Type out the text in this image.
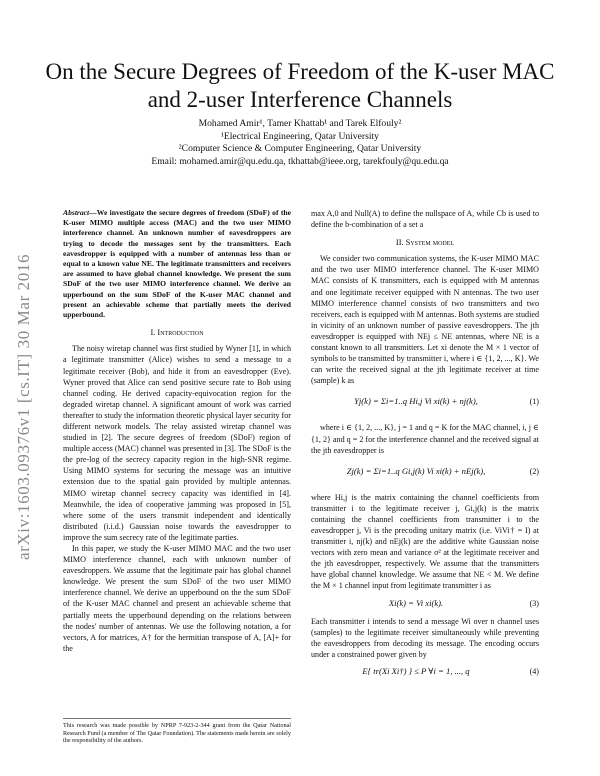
arXiv:1603.09376v1 [cs.IT] 30 Mar 2016
On the Secure Degrees of Freedom of the K-user MAC and 2-user Interference Channels
Mohamed Amir¹, Tamer Khattab¹ and Tarek Elfouly²
¹Electrical Engineering, Qatar University
²Computer Science & Computer Engineering, Qatar University
Email: mohamed.amir@qu.edu.qa, tkhattab@ieee.org, tarekfouly@qu.edu.qa
Abstract—We investigate the secure degrees of freedom (SDoF) of the K-user MIMO multiple access (MAC) and the two user MIMO interference channel. An unknown number of eavesdroppers are trying to decode the messages sent by the transmitters. Each eavesdropper is equipped with a number of antennas less than or equal to a known value NE. The legitimate transmitters and receivers are assumed to have global channel knowledge. We present the sum SDoF of the two user MIMO interference channel. We derive an upperbound on the sum SDoF of the K-user MAC channel and present an achievable scheme that partially meets the derived upperbound.
I. Introduction

The noisy wiretap channel was first studied by Wyner [1], in which a legitimate transmitter (Alice) wishes to send a message to a legitimate receiver (Bob), and hide it from an eavesdropper (Eve). Wyner proved that Alice can send positive secure rate to Bob using channel coding. He derived capacity-equivocation region for the degraded wiretap channel. A significant amount of work was carried thereafter to study the information theoretic physical layer security for different network models. The relay assisted wiretap channel was studied in [2]. The secure degrees of freedom (SDoF) region of multiple access (MAC) channel was presented in [3]. The SDoF is the the pre-log of the secrecy capacity region in the high-SNR regime. Using MIMO systems for securing the message was an intuitive extension due to the spatial gain provided by multiple antennas. MIMO wiretap channel secrecy capacity was identified in [4]. Meanwhile, the idea of cooperative jamming was proposed in [5], where some of the users transmit independent and identically distributed (i.i.d.) Gaussian noise towards the eavesdropper to improve the sum secrecy rate of the legitimate parties.

In this paper, we study the K-user MIMO MAC and the two user MIMO interference channel, each with unknown number of eavesdroppers. We assume that the legitimate pair has global channel knowledge. We present the sum SDoF of the two user MIMO interference channel. We derive an upperbound on the the sum SDoF of the K-user MAC channel and present an achievable scheme that partially meets the upperbound depending on the relations between the nodes' number of antennas. We use the following notation, a for vectors, A for matrices, A† for the hermitian transpose of A, [A]+ for the

This research was made possible by NPRP 7-923-2-344 grant from the Qatar National Research Fund (a member of The Qatar Foundation). The statements made herein are solely the responsibility of the authors.

max A,0 and Null(A) to define the nullspace of A, while Cb is used to define the b-combination of a set a

II. System model

We consider two communication systems, the K-user MIMO MAC and the two user MIMO interference channel. The K-user MIMO MAC consists of K transmitters, each is equipped with M antennas and one legitimate receiver equipped with N antennas. The two user MIMO interference channel consists of two transmitters and two receivers, each is equipped with M antennas. Both systems are studied in vicinity of an unknown number of passive eavesdroppers. The jth eavesdropper is equipped with NEj ≤ NE antennas, where NE is a constant known to all transmitters. Let xi denote the M × 1 vector of symbols to be transmitted by transmitter i, where i ∈ {1, 2, ..., K}. We can write the received signal at the jth legitimate receiver at time (sample) k as

Yj(k) = Σi=1..q Hi,j Vi xi(k) + nj(k),	(1)

where i ∈ {1, 2, ..., K}, j = 1 and q = K for the MAC channel, i, j ∈ {1, 2} and q = 2 for the interference channel and the received signal at the jth eavesdropper is

Zj(k) = Σi=1..q Gi,j(k) Vi xi(k) + nEj(k),	(2)

where Hi,j is the matrix containing the channel coefficients from transmitter i to the legitimate receiver j, Gi,j(k) is the matrix containing the channel coefficients from transmitter i to the eavesdropper j, Vi is the precoding unitary matrix (i.e. ViVi† = I) at transmitter i, nj(k) and nEj(k) are the additive white Gaussian noise vectors with zero mean and variance σ² at the legitimate receiver and the jth eavesdropper, respectively. We assume that the transmitters have global channel knowledge. We assume that NE < M. We define the M × 1 channel input from legitimate transmitter i as

Xi(k) = Vi xi(k).	(3)

Each transmitter i intends to send a message Wi over n channel uses (samples) to the legitimate receiver simultaneously while preventing the eavesdroppers from decoding its message. The encoding occurs under a constrained power given by

E{ tr(Xi Xi†) } ≤ P ∀i = 1, ..., q	(4)
